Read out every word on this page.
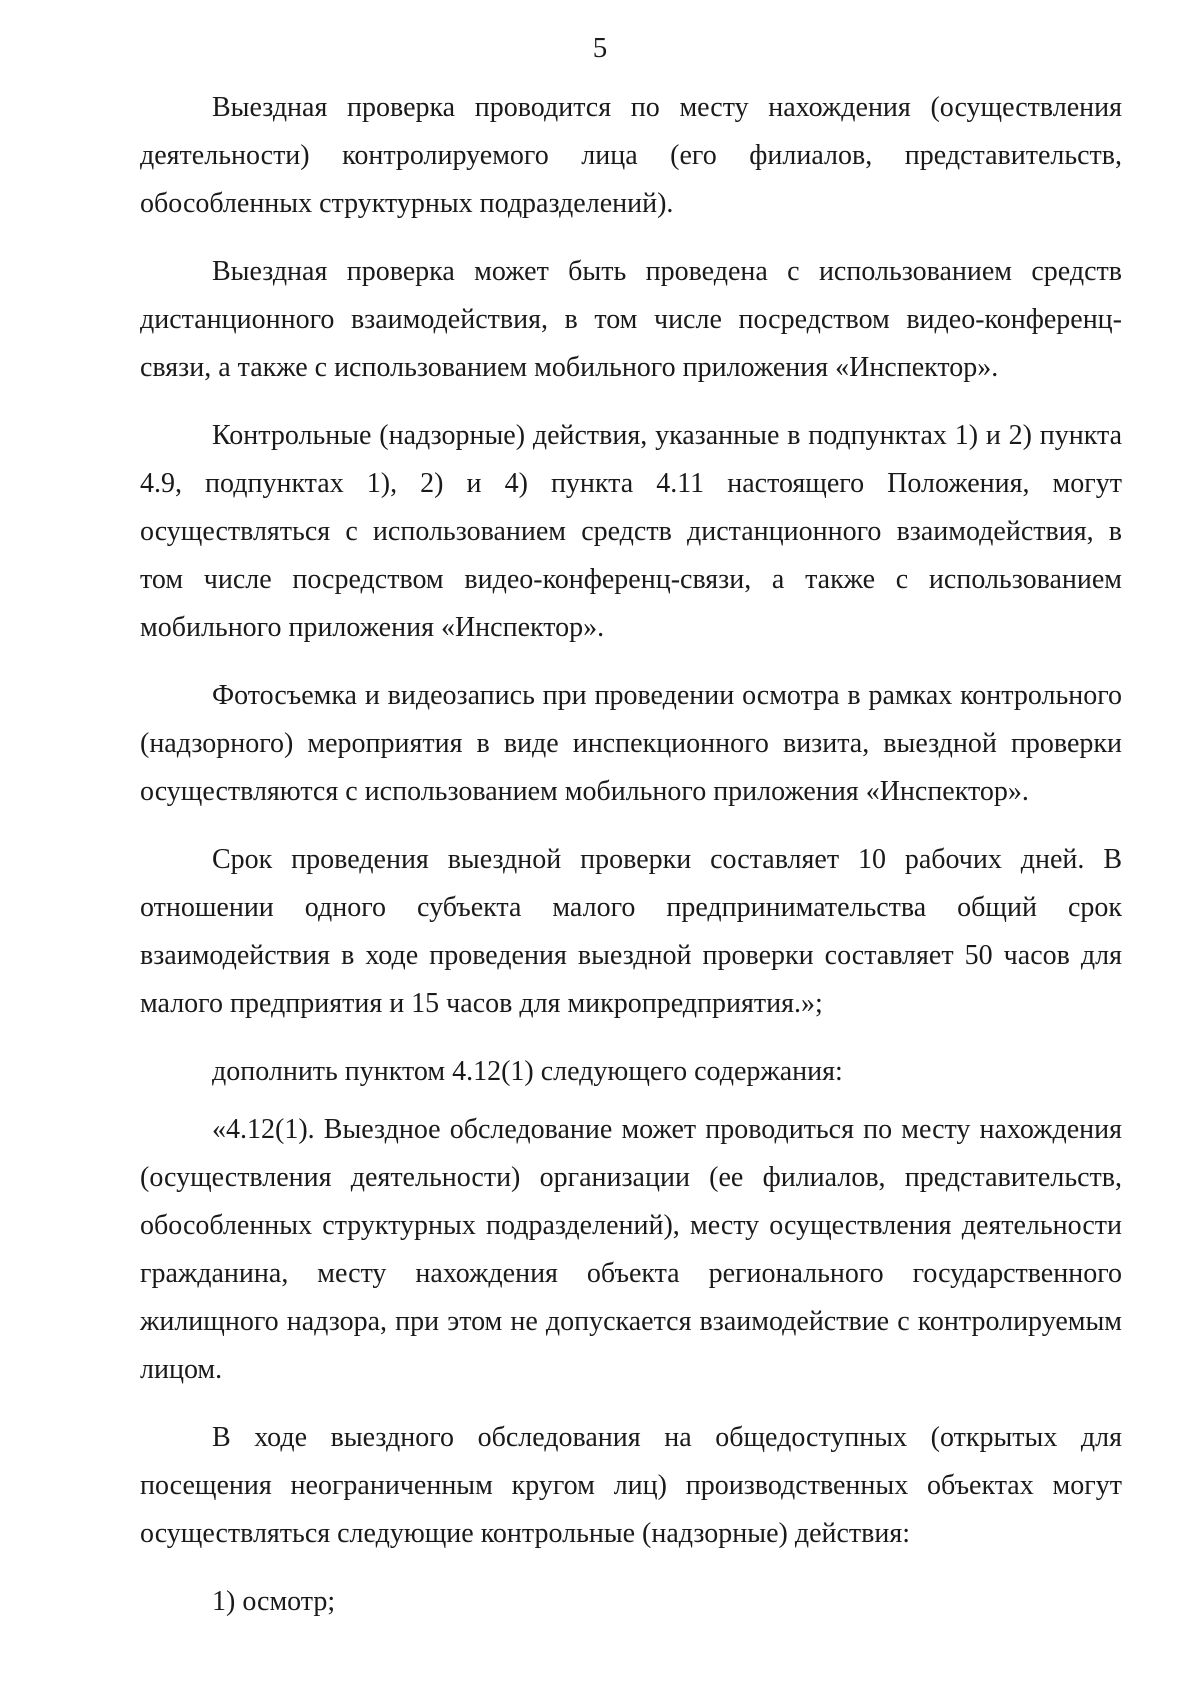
5

Выездная проверка проводится по месту нахождения (осуществления деятельности) контролируемого лица (его филиалов, представительств, обособленных структурных подразделений).

Выездная проверка может быть проведена с использованием средств дистанционного взаимодействия, в том числе посредством видео-конференц-связи, а также с использованием мобильного приложения «Инспектор».

Контрольные (надзорные) действия, указанные в подпунктах 1) и 2) пункта 4.9, подпунктах 1), 2) и 4) пункта 4.11 настоящего Положения, могут осуществляться с использованием средств дистанционного взаимодействия, в том числе посредством видео-конференц-связи, а также с использованием мобильного приложения «Инспектор».

Фотосъемка и видеозапись при проведении осмотра в рамках контрольного (надзорного) мероприятия в виде инспекционного визита, выездной проверки осуществляются с использованием мобильного приложения «Инспектор».

Срок проведения выездной проверки составляет 10 рабочих дней. В отношении одного субъекта малого предпринимательства общий срок взаимодействия в ходе проведения выездной проверки составляет 50 часов для малого предприятия и 15 часов для микропредприятия.»;

дополнить пунктом 4.12(1) следующего содержания:

«4.12(1). Выездное обследование может проводиться по месту нахождения (осуществления деятельности) организации (ее филиалов, представительств, обособленных структурных подразделений), месту осуществления деятельности гражданина, месту нахождения объекта регионального государственного жилищного надзора, при этом не допускается взаимодействие с контролируемым лицом.

В ходе выездного обследования на общедоступных (открытых для посещения неограниченным кругом лиц) производственных объектах могут осуществляться следующие контрольные (надзорные) действия:

1) осмотр;
